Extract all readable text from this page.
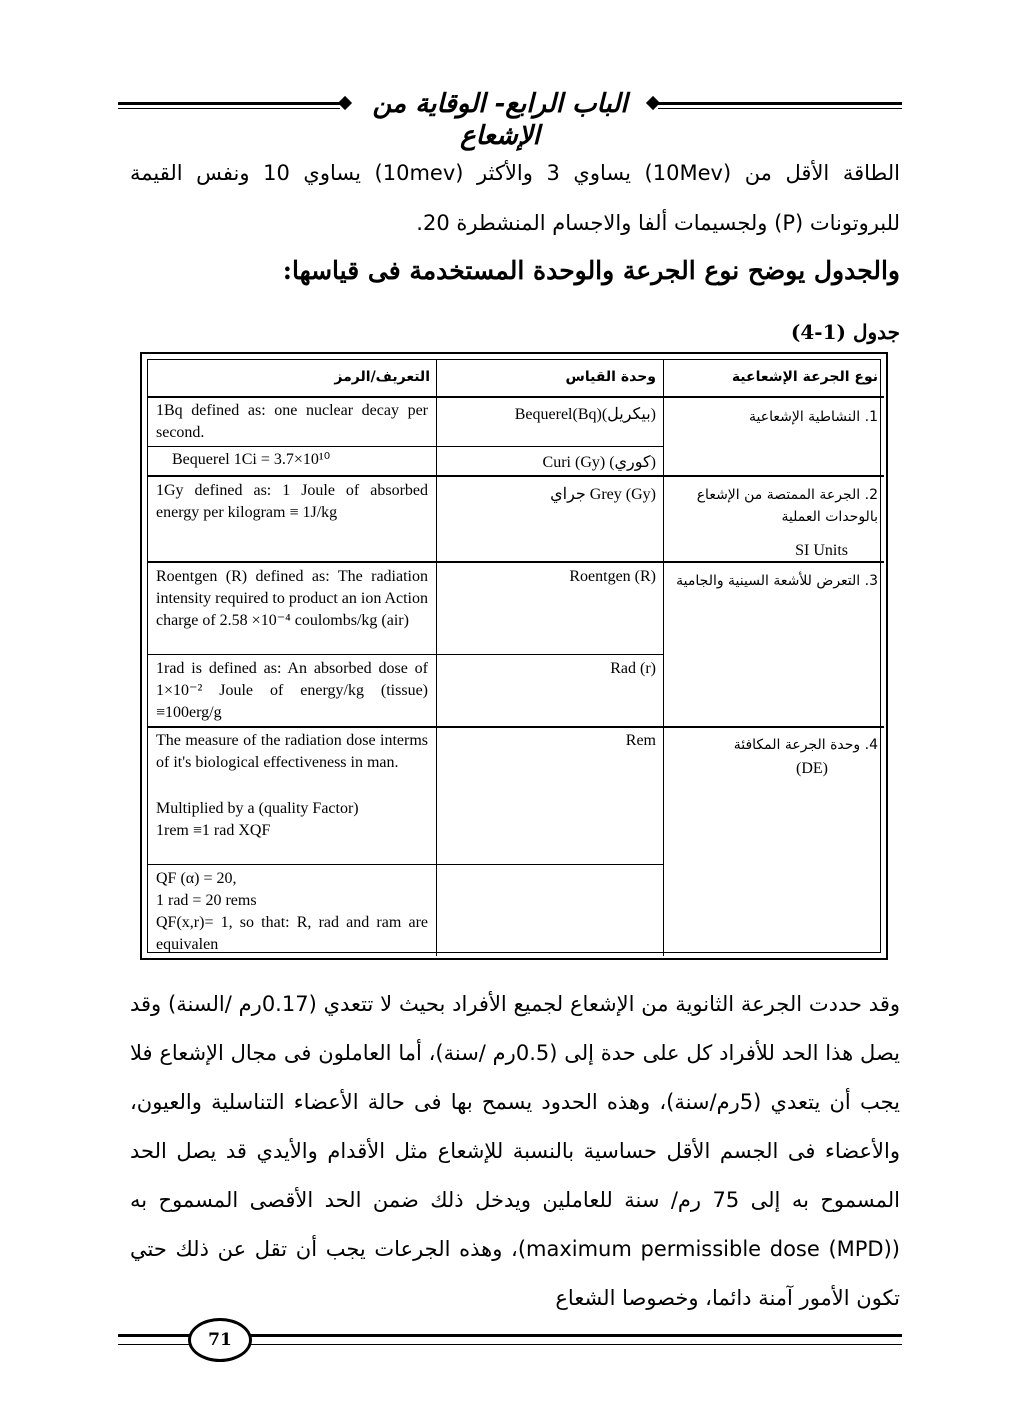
الباب الرابع- الوقاية من الإشعاع
الطاقة الأقل من (10Mev) يساوي 3 والأكثر (10mev) يساوي 10 ونفس القيمة للبروتونات (P) ولجسيمات ألفا والاجسام المنشطرة 20.
والجدول يوضح نوع الجرعة والوحدة المستخدمة فى قياسها:
جدول (1-4)
نوع الجرعة الإشعاعية
وحدة القياس
التعريف/الرمز
1. النشاطية الإشعاعية
Bequerel(Bq)(بيكريل)
1Bq defined as: one nuclear decay per second.
Curi (Gy) (كوري)
Bequerel 1Ci = 3.7×10¹⁰
2. الجرعة الممتصة من الإشعاع بالوحدات العملية
SI Units
جراي Grey (Gy)
1Gy defined as: 1 Joule of absorbed energy per kilogram ≡ 1J/kg
3. التعرض للأشعة السينية والجامية
Roentgen (R)
Roentgen (R) defined as: The radiation intensity required to product an ion Action charge of 2.58 ×10⁻⁴ coulombs/kg (air)
Rad (r)
1rad is defined as: An absorbed dose of 1×10⁻² Joule of energy/kg (tissue) ≡100erg/g
4. وحدة الجرعة المكافئة
(DE)
Rem
The measure of the radiation dose interms of it's biological effectiveness in man.
Multiplied by a (quality Factor)
1rem ≡1 rad XQF
QF (α) = 20,
1 rad = 20 rems
QF(x,r)= 1, so that: R, rad and ram are equivalen
وقد حددت الجرعة الثانوية من الإشعاع لجميع الأفراد بحيث لا تتعدي (0.17رم /السنة) وقد يصل هذا الحد للأفراد كل على حدة إلى (0.5رم /سنة)، أما العاملون فى مجال الإشعاع فلا يجب أن يتعدي (5رم/سنة)، وهذه الحدود يسمح بها فى حالة الأعضاء التناسلية والعيون، والأعضاء فى الجسم الأقل حساسية بالنسبة للإشعاع مثل الأقدام والأيدي قد يصل الحد المسموح به إلى 75 رم/ سنة للعاملين ويدخل ذلك ضمن الحد الأقصى المسموح به (maximum permissible dose (MPD))، وهذه الجرعات يجب أن تقل عن ذلك حتي تكون الأمور آمنة دائما، وخصوصا الشعاع
71
